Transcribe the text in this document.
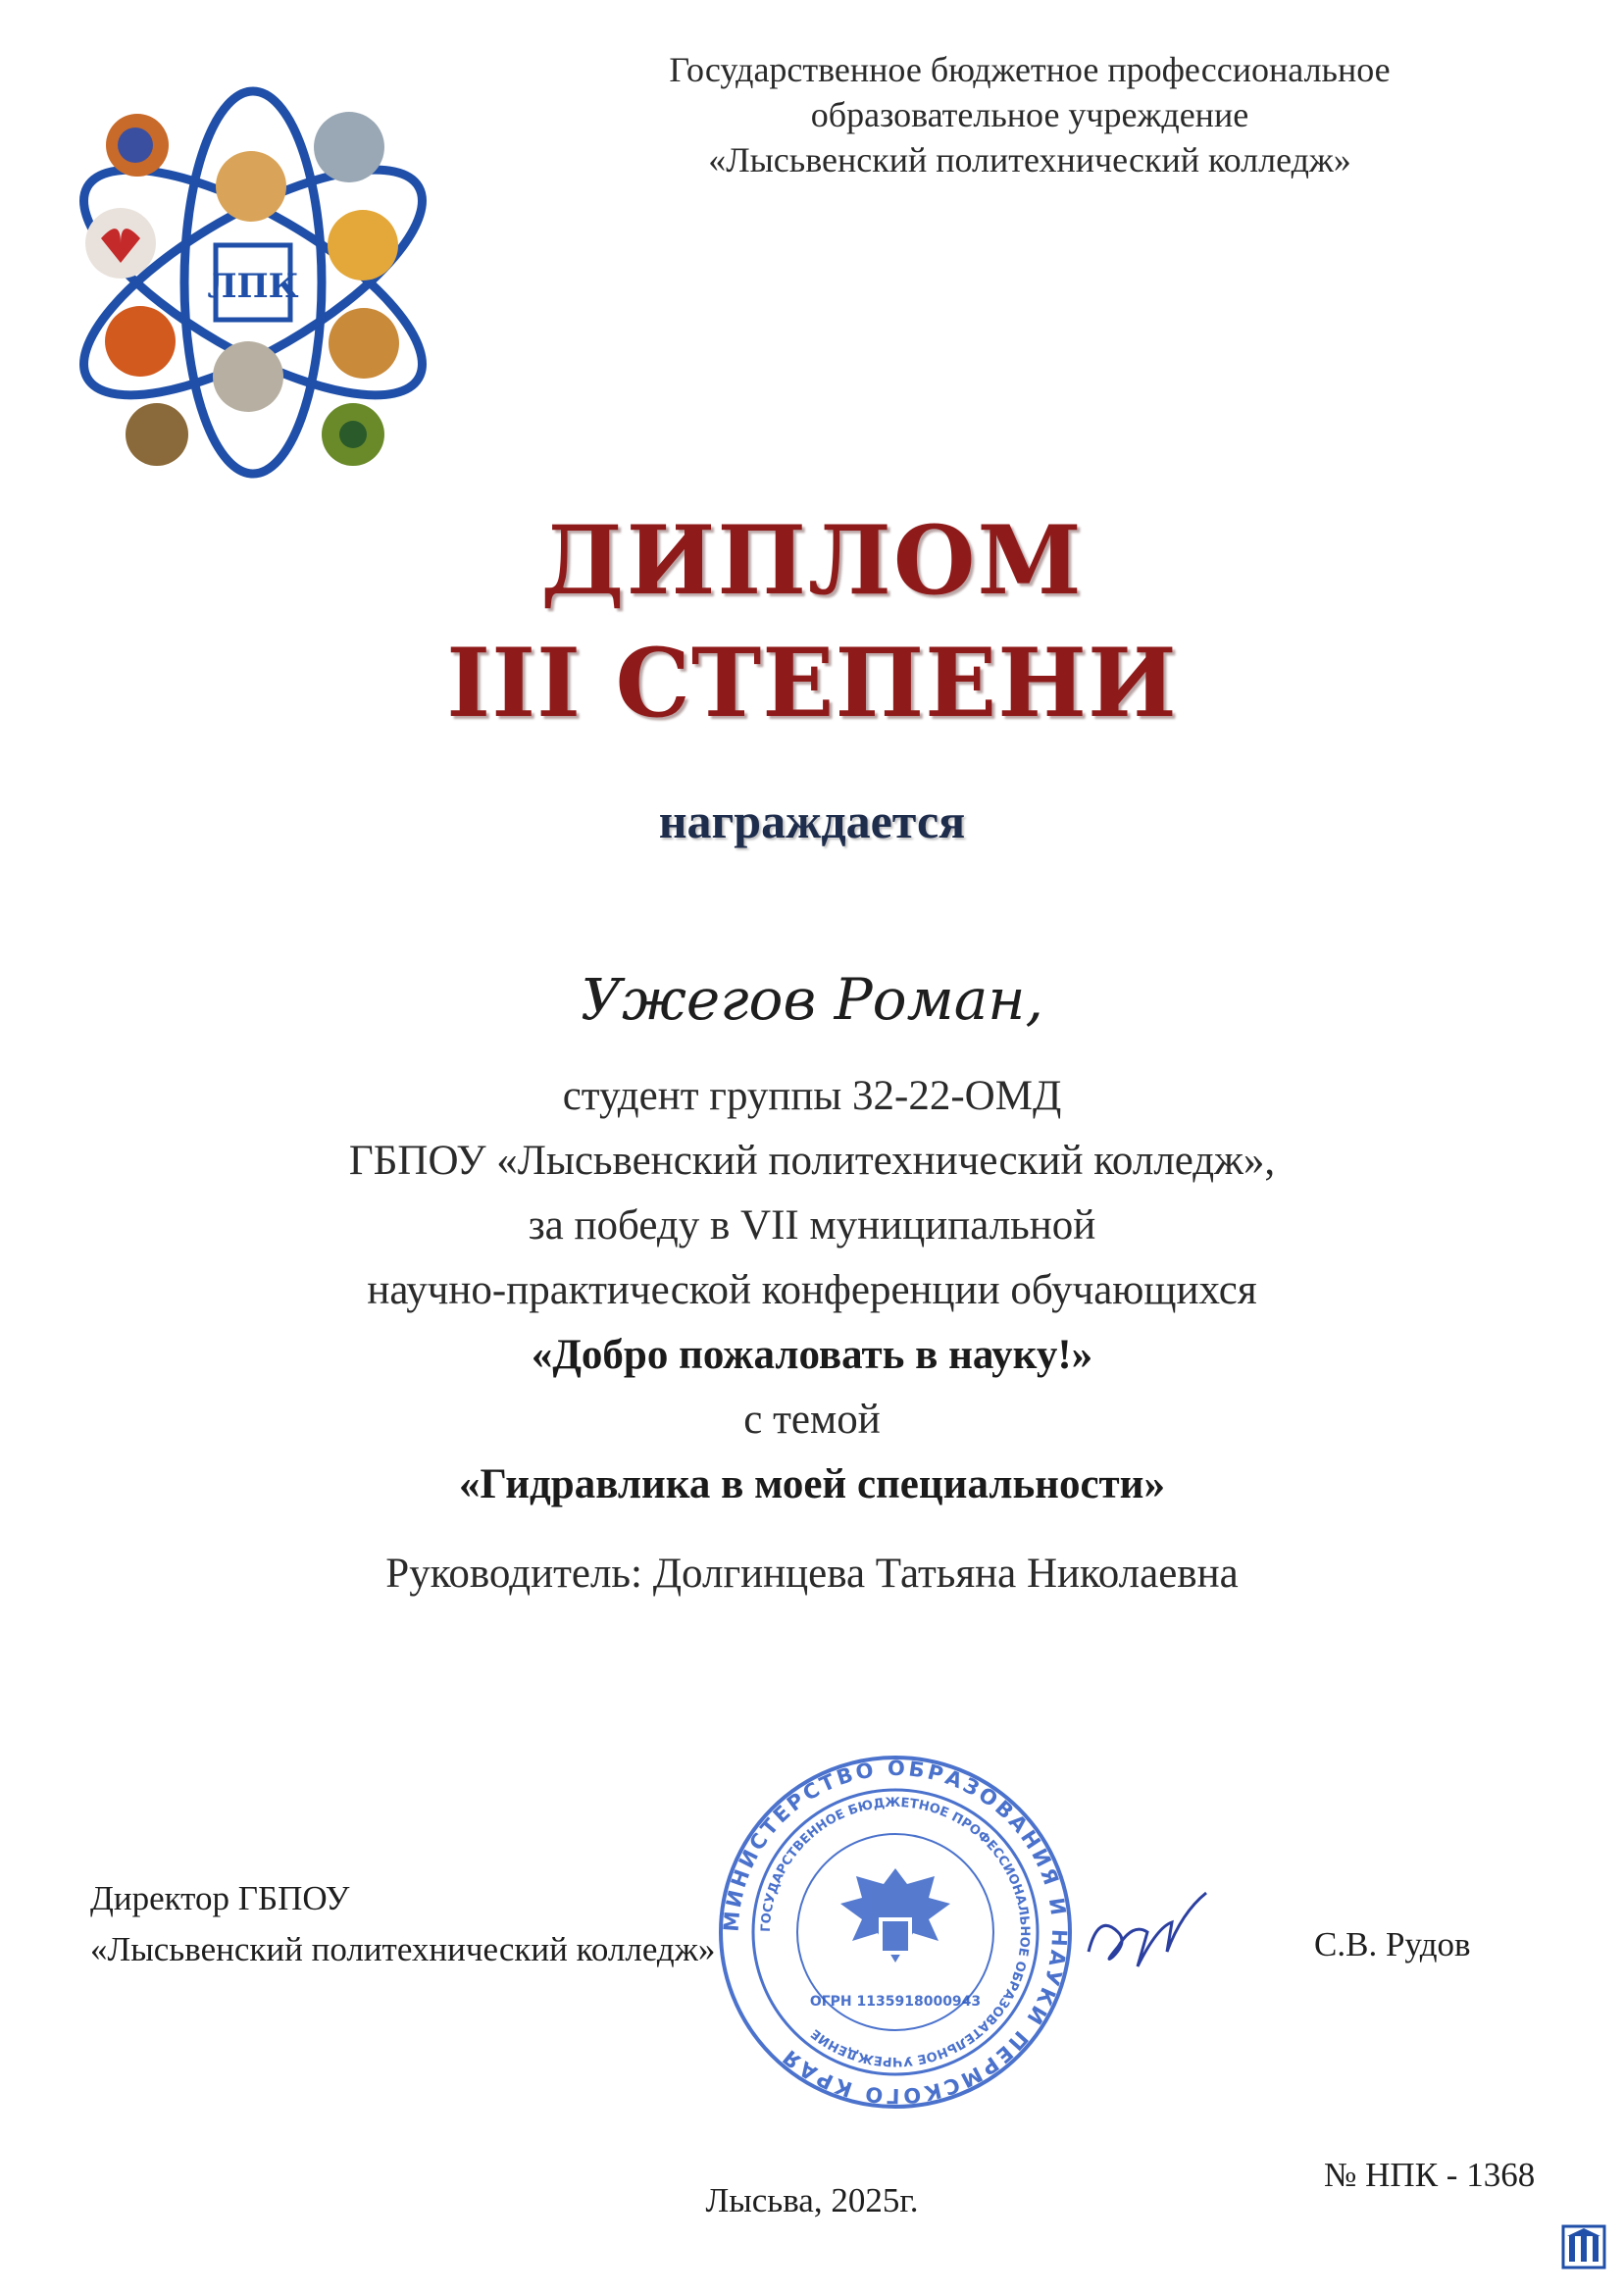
Государственное бюджетное профессиональное
образовательное учреждение
«Лысьвенский политехнический колледж»
ЛПК
ДИПЛОМ
III СТЕПЕНИ
награждается
Ужегов Роман,
студент группы 32-22-ОМД
ГБПОУ «Лысьвенский политехнический колледж»,
за победу в VII муниципальной
научно-практической конференции обучающихся
«Добро пожаловать в науку!»
с темой
«Гидравлика в моей специальности»
Руководитель: Долгинцева Татьяна Николаевна
Директор ГБПОУ
«Лысьвенский политехнический колледж»
МИНИСТЕРСТВО ОБРАЗОВАНИЯ И НАУКИ ПЕРМСКОГО КРАЯ
ГОСУДАРСТВЕННОЕ БЮДЖЕТНОЕ ПРОФЕССИОНАЛЬНОЕ ОБРАЗОВАТЕЛЬНОЕ УЧРЕЖДЕНИЕ
ОГРН 1135918000943
С.В. Рудов
№ НПК - 1368
Лысьва, 2025г.
